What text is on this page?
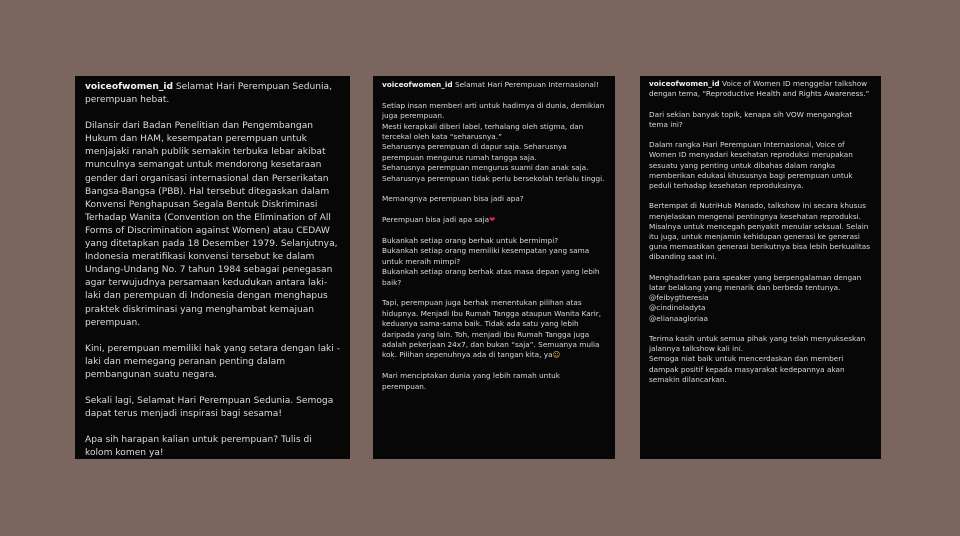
voiceofwomen_id Selamat Hari Perempuan Sedunia, perempuan hebat.

Dilansir dari Badan Penelitian dan Pengembangan Hukum dan HAM, kesempatan perempuan untuk menjajaki ranah publik semakin terbuka lebar akibat munculnya semangat untuk mendorong kesetaraan gender dari organisasi internasional dan Perserikatan Bangsa-Bangsa (PBB). Hal tersebut ditegaskan dalam Konvensi Penghapusan Segala Bentuk Diskriminasi Terhadap Wanita (Convention on the Elimination of All Forms of Discrimination against Women) atau CEDAW yang ditetapkan pada 18 Desember 1979. Selanjutnya, Indonesia meratifikasi konvensi tersebut ke dalam Undang-Undang No. 7 tahun 1984 sebagai penegasan agar terwujudnya persamaan kedudukan antara laki-laki dan perempuan di Indonesia dengan menghapus praktek diskriminasi yang menghambat kemajuan perempuan.

Kini, perempuan memiliki hak yang setara dengan laki - laki dan memegang peranan penting dalam pembangunan suatu negara.

Sekali lagi, Selamat Hari Perempuan Sedunia. Semoga dapat terus menjadi inspirasi bagi sesama!

Apa sih harapan kalian untuk perempuan? Tulis di kolom komen ya!

voiceofwomen_id Selamat Hari Perempuan Internasional!

Setiap insan memberi arti untuk hadirnya di dunia, demikian juga perempuan.

Mesti kerapkali diberi label, terhalang oleh stigma, dan tercekal oleh kata “seharusnya.”

Seharusnya perempuan di dapur saja. Seharusnya perempuan mengurus rumah tangga saja.

Seharusnya perempuan mengurus suami dan anak saja.

Seharusnya perempuan tidak perlu bersekolah terlalu tinggi.

Memangnya perempuan bisa jadi apa?

Perempuan bisa jadi apa saja❤

Bukankah setiap orang berhak untuk bermimpi?

Bukankah setiap orang memiliki kesempatan yang sama untuk meraih mimpi?

Bukankah setiap orang berhak atas masa depan yang lebih baik?

Tapi, perempuan juga berhak menentukan pilihan atas hidupnya. Menjadi Ibu Rumah Tangga ataupun Wanita Karir, keduanya sama-sama baik. Tidak ada satu yang lebih daripada yang lain. Toh, menjadi Ibu Rumah Tangga juga adalah pekerjaan 24x7, dan bukan “saja”. Semuanya mulia kok. Pilihan sepenuhnya ada di tangan kita, ya☺

Mari menciptakan dunia yang lebih ramah untuk perempuan.

voiceofwomen_id Voice of Women ID menggelar talkshow dengan tema, “Reproductive Health and Rights Awareness.”

Dari sekian banyak topik, kenapa sih VOW mengangkat tema ini?

Dalam rangka Hari Perempuan Internasional, Voice of Women ID menyadari kesehatan reproduksi merupakan sesuatu yang penting untuk dibahas dalam rangka memberikan edukasi khususnya bagi perempuan untuk peduli terhadap kesehatan reproduksinya.

Bertempat di NutriHub Manado, talkshow ini secara khusus menjelaskan mengenai pentingnya kesehatan reproduksi. Misalnya untuk mencegah penyakit menular seksual. Selain itu juga, untuk menjamin kehidupan generasi ke generasi guna memastikan generasi berikutnya bisa lebih berkualitas dibanding saat ini.

Menghadirkan para speaker yang berpengalaman dengan latar belakang yang menarik dan berbeda tentunya.

@feibygtheresia

@cindinoladyta

@elianaagloriaa

Terima kasih untuk semua pihak yang telah menyukseskan jalannya talkshow kali ini.

Semoga niat baik untuk mencerdaskan dan memberi dampak positif kepada masyarakat kedepannya akan semakin dilancarkan.
